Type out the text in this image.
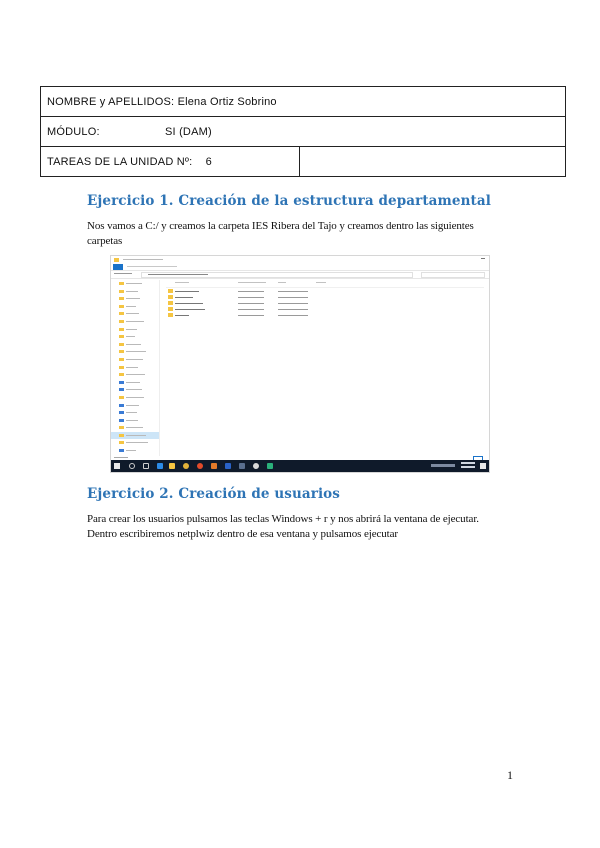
NOMBRE y APELLIDOS: Elena Ortiz Sobrino
MÓDULO:	SI (DAM)
TAREAS DE LA UNIDAD Nº: 6	
Ejercicio 1. Creación de la estructura departamental

Nos vamos a C:/ y creamos la carpeta IES Ribera del Tajo y creamos dentro las siguientes carpetas

Ejercicio 2. Creación de usuarios

Para crear los usuarios pulsamos las teclas Windows + r y nos abrirá la ventana de ejecutar. Dentro escribiremos netplwiz dentro de esa ventana y pulsamos ejecutar

1
